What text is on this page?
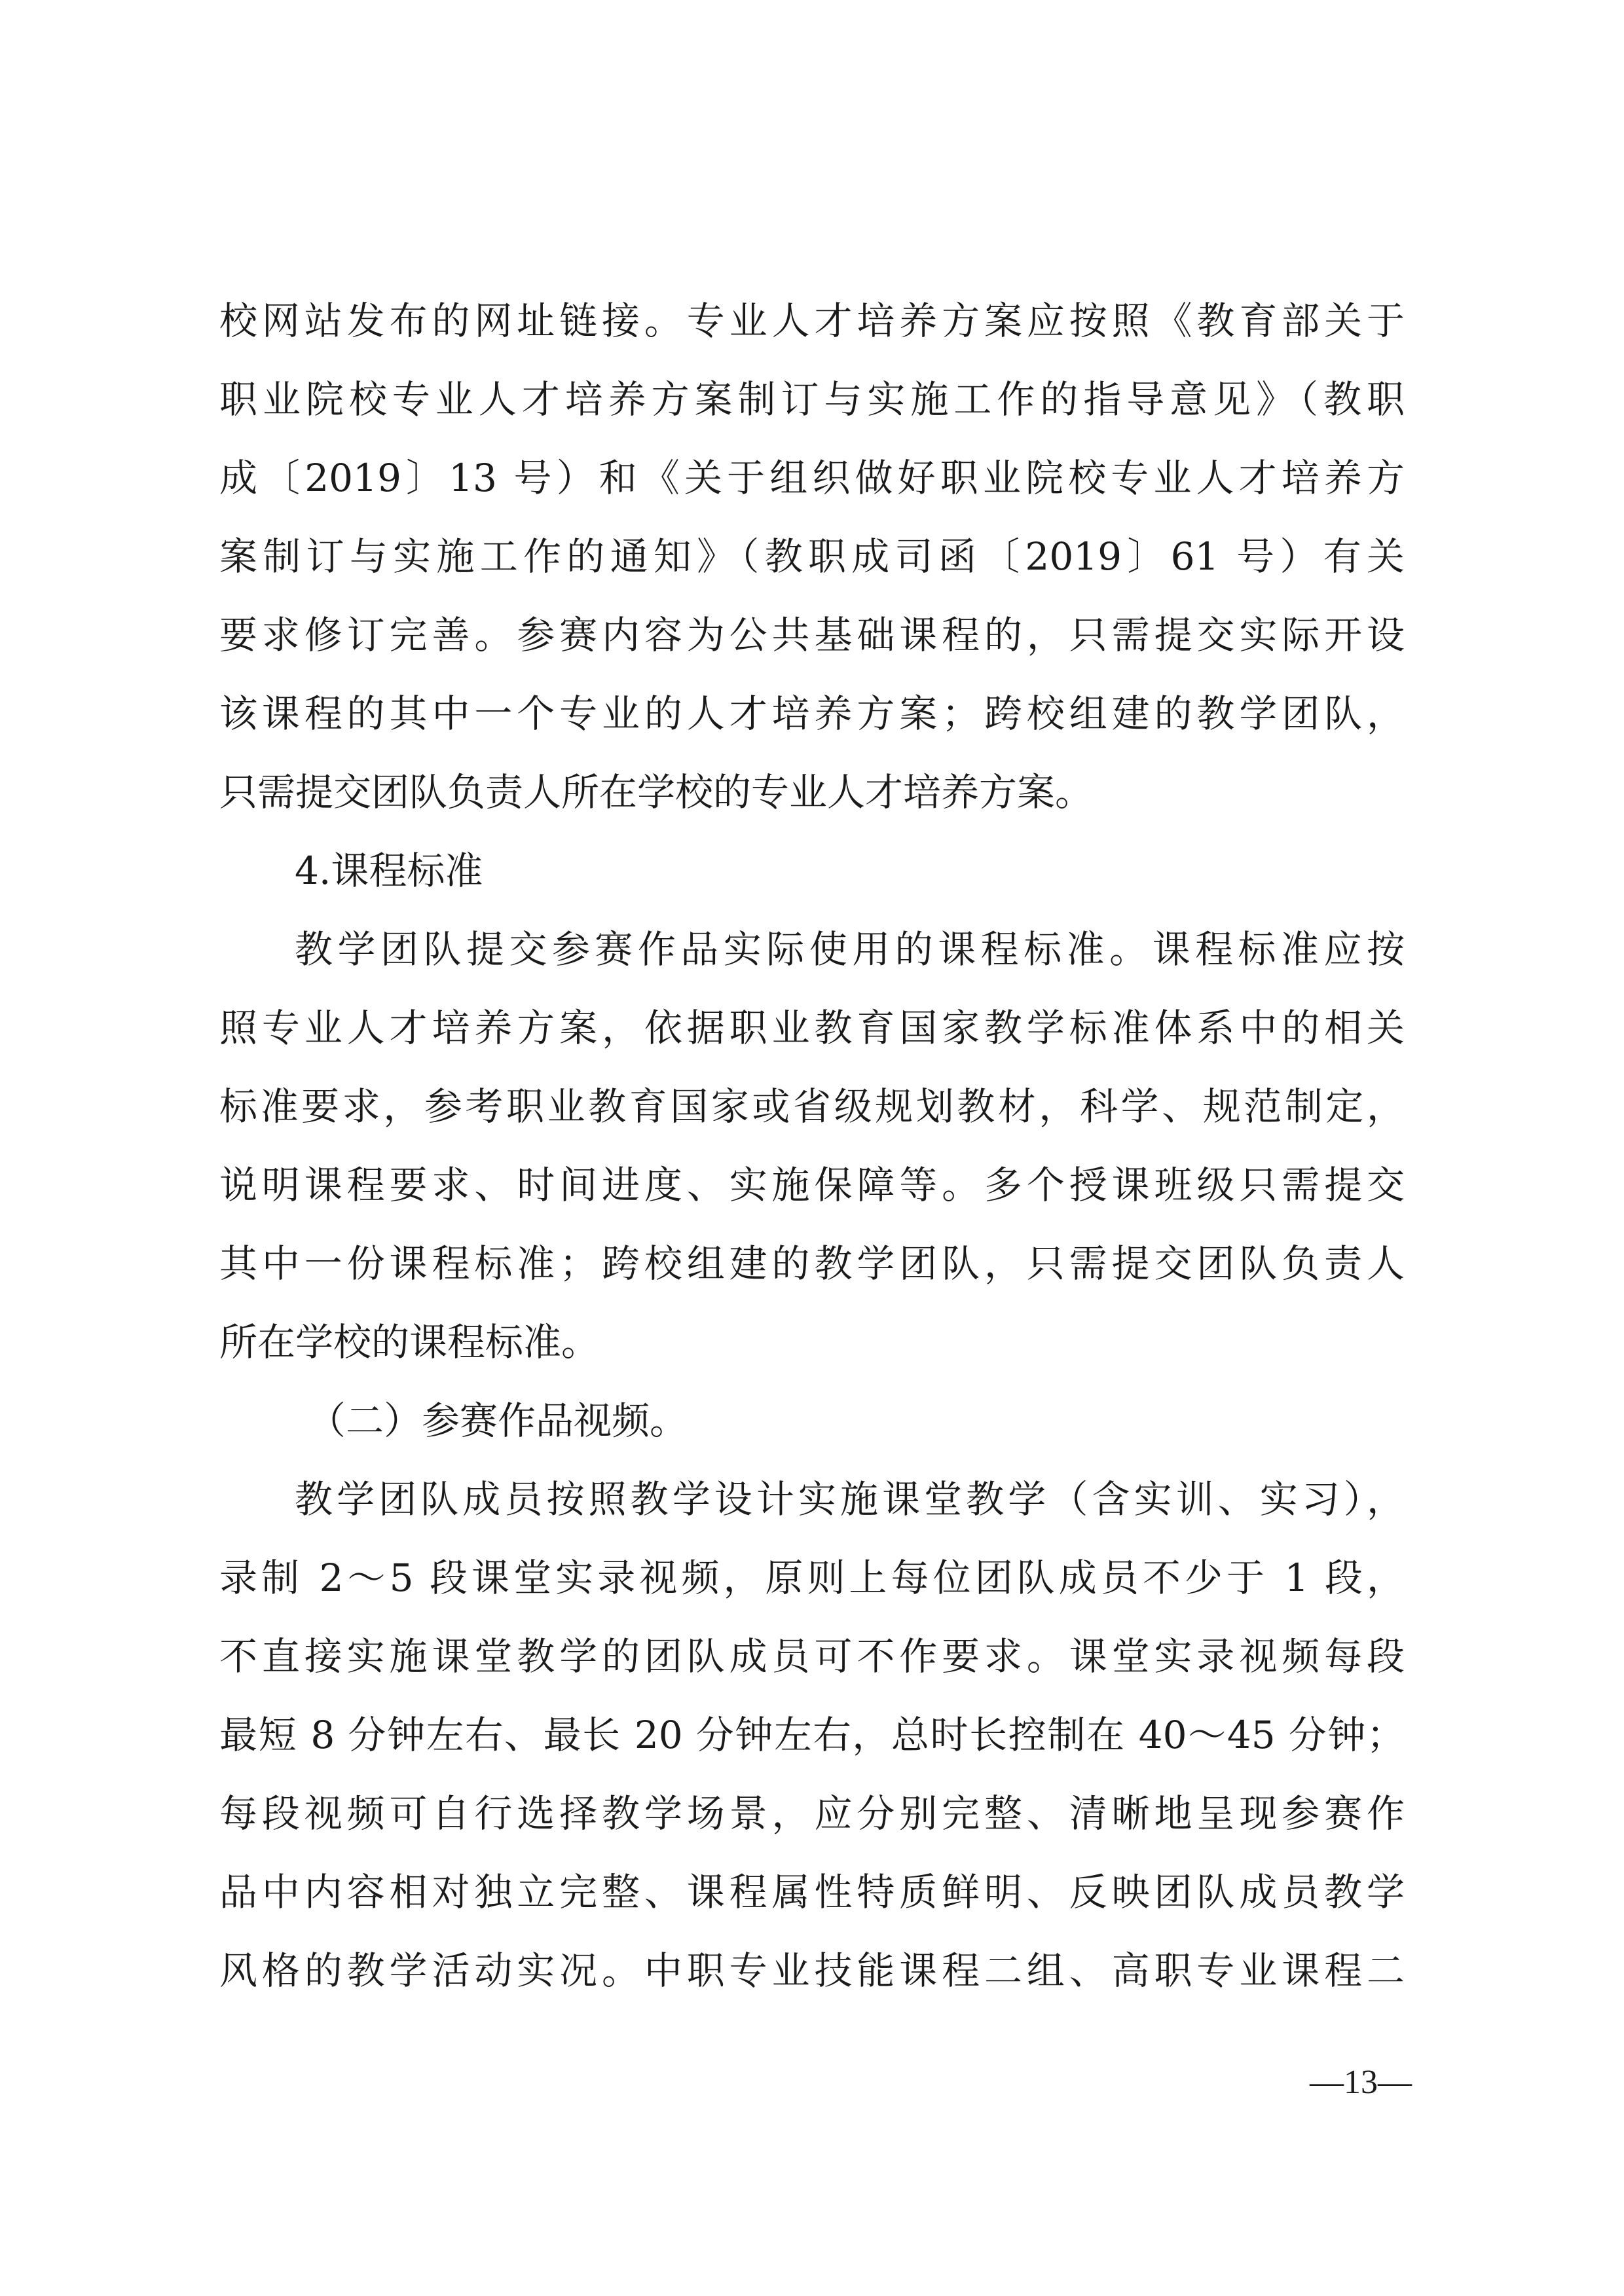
校网站发布的网址链接。专业人才培养方案应按照《教育部关于
职业院校专业人才培养方案制订与实施工作的指导意见》（教职
成〔2019〕13 号）和《关于组织做好职业院校专业人才培养方
案制订与实施工作的通知》（教职成司函〔2019〕61 号）有关
要求修订完善。参赛内容为公共基础课程的，只需提交实际开设
该课程的其中一个专业的人才培养方案；跨校组建的教学团队，
只需提交团队负责人所在学校的专业人才培养方案。
4.课程标准
教学团队提交参赛作品实际使用的课程标准。课程标准应按
照专业人才培养方案，依据职业教育国家教学标准体系中的相关
标准要求，参考职业教育国家或省级规划教材，科学、规范制定，
说明课程要求、时间进度、实施保障等。多个授课班级只需提交
其中一份课程标准；跨校组建的教学团队，只需提交团队负责人
所在学校的课程标准。
（二）参赛作品视频。
教学团队成员按照教学设计实施课堂教学（含实训、实习），
录制 2～5 段课堂实录视频，原则上每位团队成员不少于 1 段，
不直接实施课堂教学的团队成员可不作要求。课堂实录视频每段
最短 8 分钟左右、最长 20 分钟左右，总时长控制在 40～45 分钟；
每段视频可自行选择教学场景，应分别完整、清晰地呈现参赛作
品中内容相对独立完整、课程属性特质鲜明、反映团队成员教学
风格的教学活动实况。中职专业技能课程二组、高职专业课程二
—13—
